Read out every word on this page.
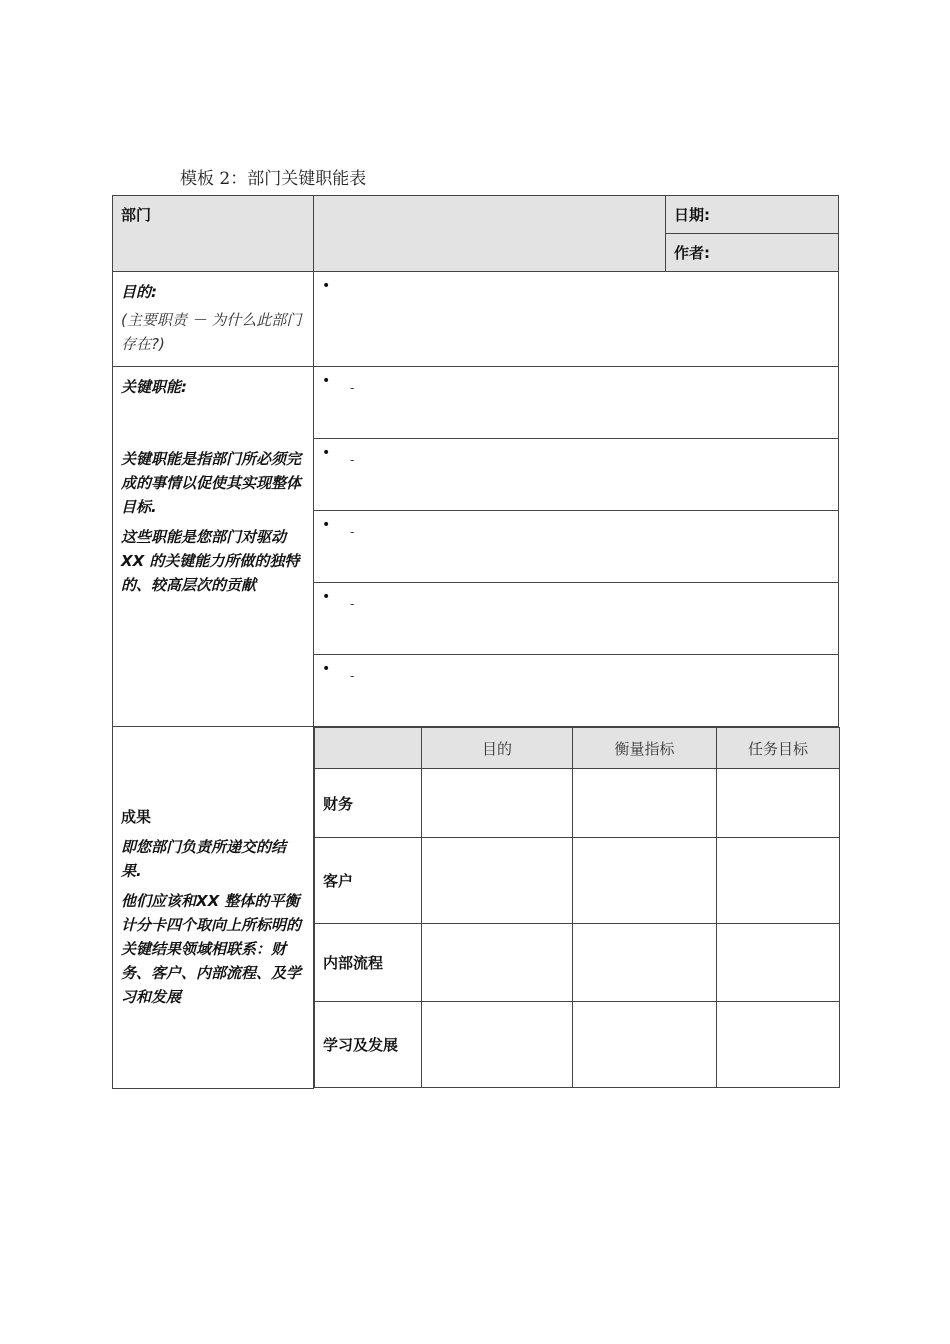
模板 2：部门关键职能表
部门		日期:
作者:

目的:

(主要职责 － 为什么此部门存在?)

•

关键职能:

关键职能是指部门所必须完成的事情以促使其实现整体目标.

这些职能是您部门对驱动XX 的关键能力所做的独特的、较高层次的贡献

• -

• -

• -

• -

• -

成果

即您部门负责所递交的结果.

他们应该和XX 整体的平衡计分卡四个取向上所标明的关键结果领域相联系：财务、客户、内部流程、及学习和发展

	目的	衡量指标	任务目标
财务			
客户			
内部流程			
学习及发展			
